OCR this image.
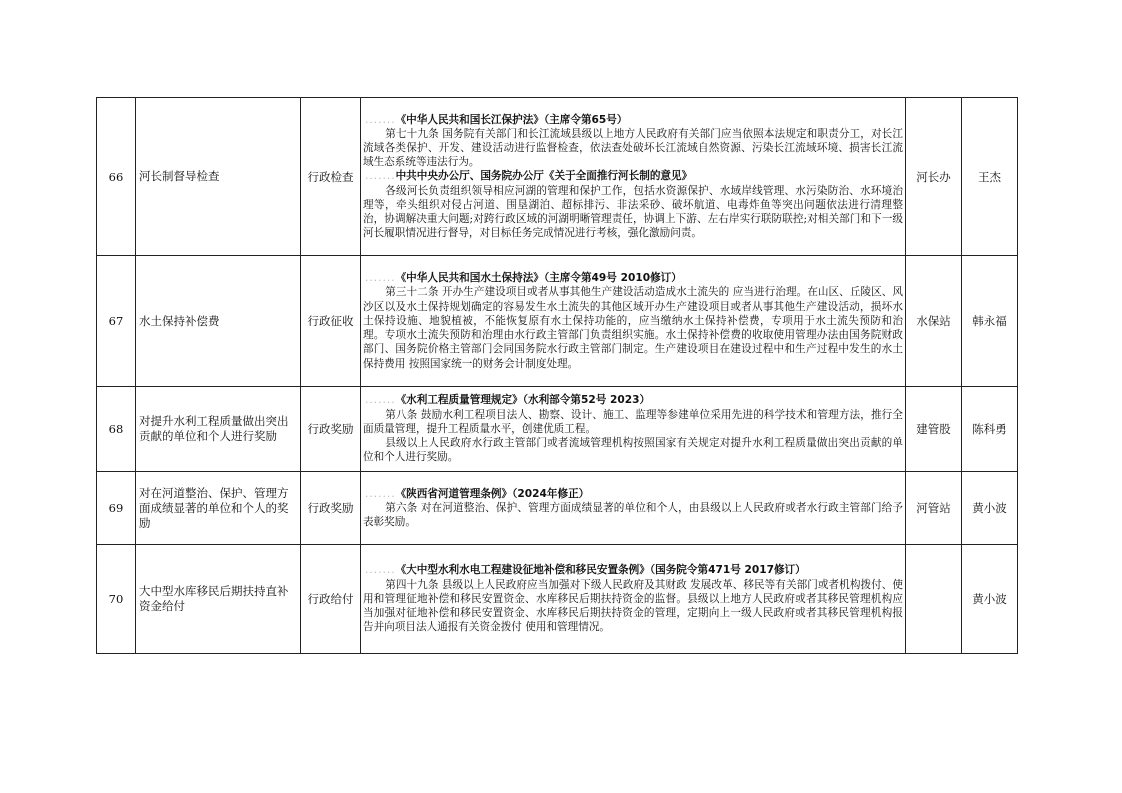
66	河长制督导检查	行政检查	.......《中华人民共和国长江保护法》（主席令第65号）

第七十九条 国务院有关部门和长江流域县级以上地方人民政府有关部门应当依照本法规定和职责分工，对长江流域各类保护、开发、建设活动进行监督检查，依法查处破坏长江流域自然资源、污染长江流域环境、损害长江流域生态系统等违法行为。

.......中共中央办公厅、国务院办公厅《关于全面推行河长制的意见》

各级河长负责组织领导相应河湖的管理和保护工作，包括水资源保护、水域岸线管理、水污染防治、水环境治理等，牵头组织对侵占河道、围垦湖泊、超标排污、非法采砂、破坏航道、电毒炸鱼等突出问题依法进行清理整治，协调解决重大问题;对跨行政区域的河湖明晰管理责任，协调上下游、左右岸实行联防联控;对相关部门和下一级河长履职情况进行督导，对目标任务完成情况进行考核，强化激励问责。	河长办	王杰
67	水土保持补偿费	行政征收	.......《中华人民共和国水土保持法》（主席令第49号 2010修订）

第三十二条 开办生产建设项目或者从事其他生产建设活动造成水土流失的 应当进行治理。在山区、丘陵区、风沙区以及水土保持规划确定的容易发生水土流失的其他区域开办生产建设项目或者从事其他生产建设活动，损坏水土保持设施、地貌植被，不能恢复原有水土保持功能的，应当缴纳水土保持补偿费，专项用于水土流失预防和治理。专项水土流失预防和治理由水行政主管部门负责组织实施。水土保持补偿费的收取使用管理办法由国务院财政部门、国务院价格主管部门会同国务院水行政主管部门制定。生产建设项目在建设过程中和生产过程中发生的水土保持费用 按照国家统一的财务会计制度处理。	水保站	韩永福
68	对提升水利工程质量做出突出贡献的单位和个人进行奖励	行政奖励	.......《水利工程质量管理规定》（水利部令第52号 2023）

第八条 鼓励水利工程项目法人、勘察、设计、施工、监理等参建单位采用先进的科学技术和管理方法，推行全面质量管理，提升工程质量水平，创建优质工程。

县级以上人民政府水行政主管部门或者流域管理机构按照国家有关规定对提升水利工程质量做出突出贡献的单位和个人进行奖励。	建管股	陈科勇
69	对在河道整治、保护、管理方面成绩显著的单位和个人的奖励	行政奖励	.......《陕西省河道管理条例》（2024年修正）

第六条 对在河道整治、保护、管理方面成绩显著的单位和个人，由县级以上人民政府或者水行政主管部门给予表彰奖励。	河管站	黄小波
70	大中型水库移民后期扶持直补资金给付	行政给付	.......《大中型水利水电工程建设征地补偿和移民安置条例》（国务院令第471号 2017修订）

第四十九条 县级以上人民政府应当加强对下级人民政府及其财政 发展改革、移民等有关部门或者机构拨付、使用和管理征地补偿和移民安置资金、水库移民后期扶持资金的监督。县级以上地方人民政府或者其移民管理机构应当加强对征地补偿和移民安置资金、水库移民后期扶持资金的管理，定期向上一级人民政府或者其移民管理机构报告并向项目法人通报有关资金拨付 使用和管理情况。		黄小波
